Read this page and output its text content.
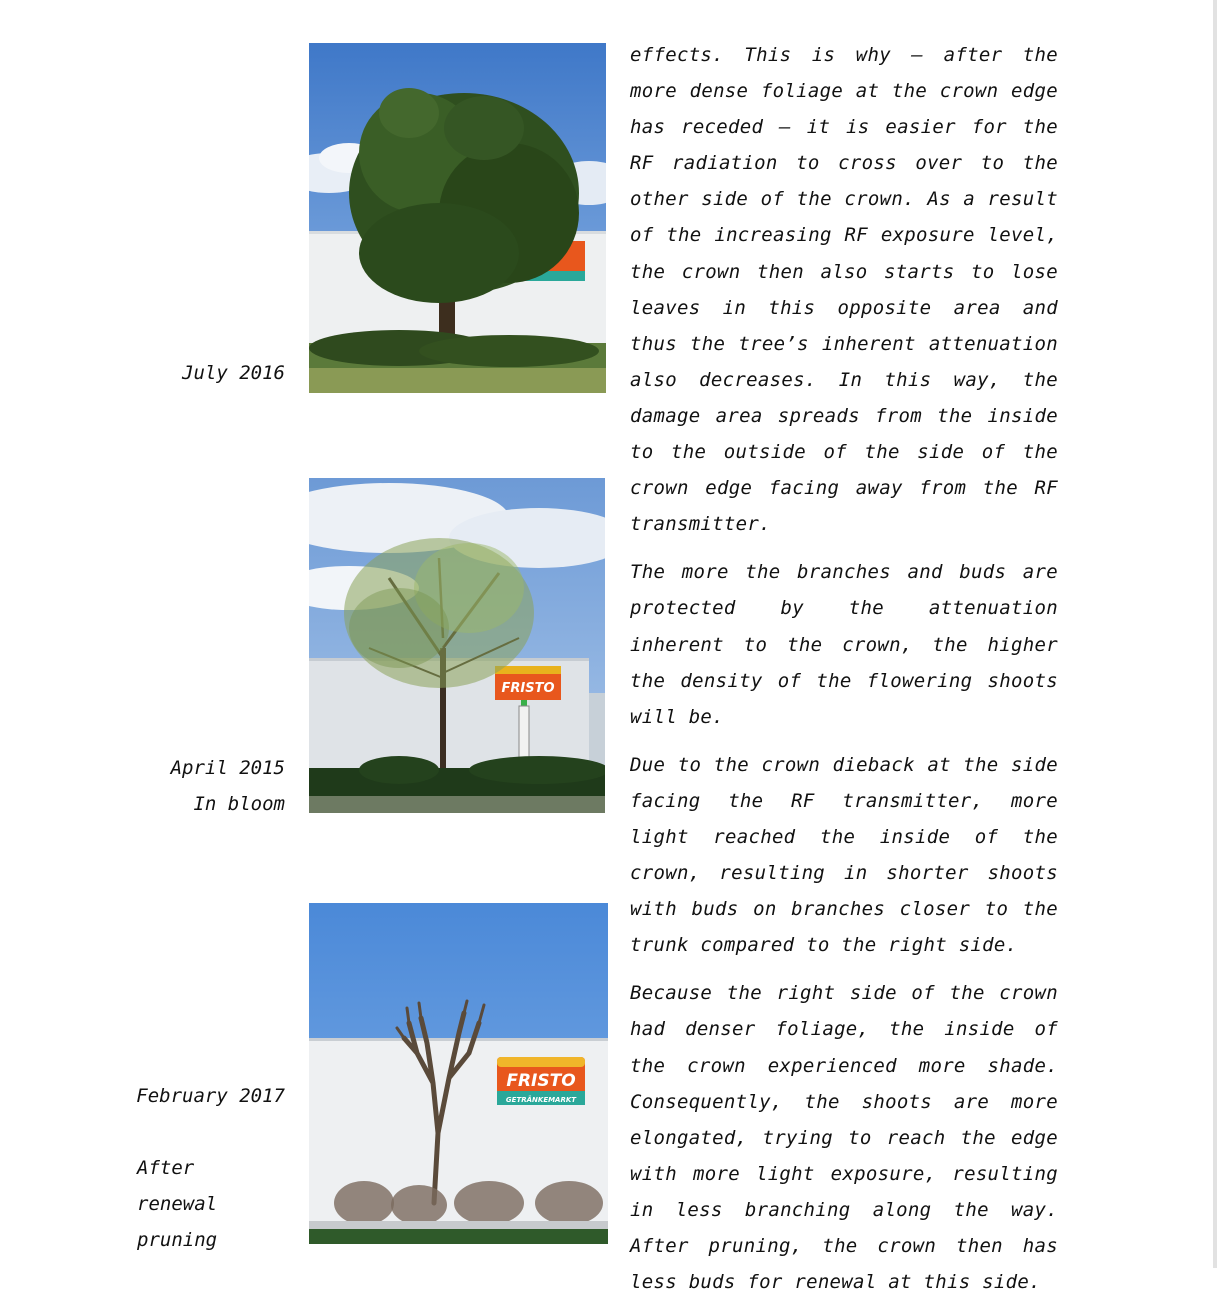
July 2016
April 2015
In bloom
February 2017
After renewal pruning
FRISTO
FRISTO
GETRÄNKEMARKT

effects. This is why – after the more dense foliage at the crown edge has receded – it is easier for the RF radiation to cross over to the other side of the crown. As a result of the increasing RF exposure level, the crown then also starts to lose leaves in this opposite area and thus the tree’s inherent attenuation also decreases. In this way, the damage area spreads from the inside to the outside of the side of the crown edge facing away from the RF transmitter.

The more the branches and buds are protected by the attenuation inherent to the crown, the higher the density of the flowering shoots will be.

Due to the crown dieback at the side facing the RF transmitter, more light reached the inside of the crown, resulting in shorter shoots with buds on branches closer to the trunk compared to the right side.

Because the right side of the crown had denser foliage, the inside of the crown experienced more shade. Consequently, the shoots are more elongated, trying to reach the edge with more light exposure, resulting in less branching along the way. After pruning, the crown then has less buds for renewal at this side.
